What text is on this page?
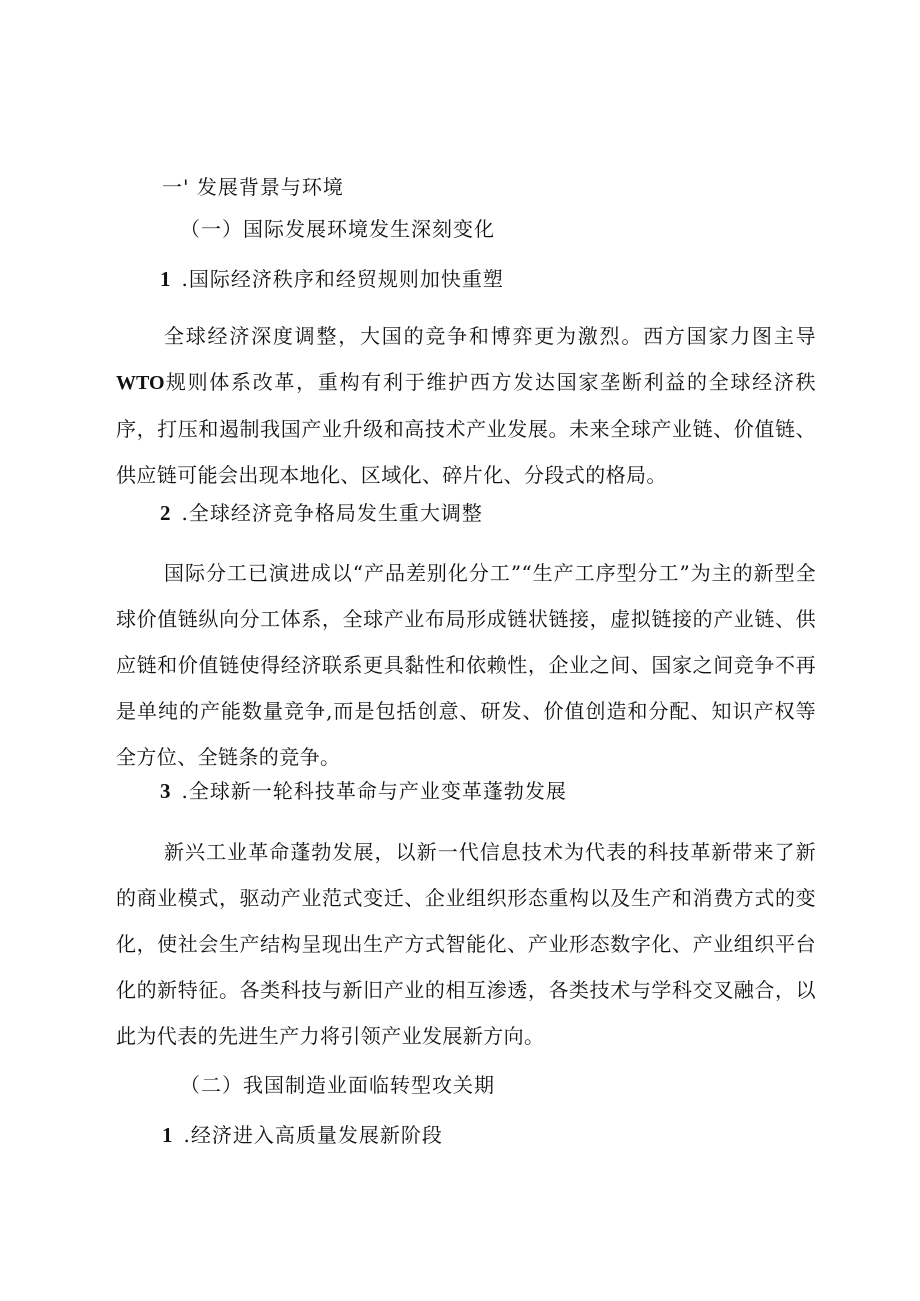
一' 发展背景与环境
（一）国际发展环境发生深刻变化
1 .国际经济秩序和经贸规则加快重塑
全球经济深度调整，大国的竞争和博弈更为激烈。西方国家力图主导WTO规则体系改革，重构有利于维护西方发达国家垄断利益的全球经济秩序，打压和遏制我国产业升级和高技术产业发展。未来全球产业链、价值链、供应链可能会出现本地化、区域化、碎片化、分段式的格局。
2 .全球经济竞争格局发生重大调整
国际分工已演进成以“产品差别化分工”“生产工序型分工”为主的新型全球价值链纵向分工体系，全球产业布局形成链状链接，虚拟链接的产业链、供应链和价值链使得经济联系更具黏性和依赖性，企业之间、国家之间竞争不再是单纯的产能数量竞争,而是包括创意、研发、价值创造和分配、知识产权等全方位、全链条的竞争。
3 .全球新一轮科技革命与产业变革蓬勃发展
新兴工业革命蓬勃发展，以新一代信息技术为代表的科技革新带来了新的商业模式，驱动产业范式变迁、企业组织形态重构以及生产和消费方式的变化，使社会生产结构呈现出生产方式智能化、产业形态数字化、产业组织平台化的新特征。各类科技与新旧产业的相互渗透，各类技术与学科交叉融合，以此为代表的先进生产力将引领产业发展新方向。
（二）我国制造业面临转型攻关期
1 .经济进入高质量发展新阶段
